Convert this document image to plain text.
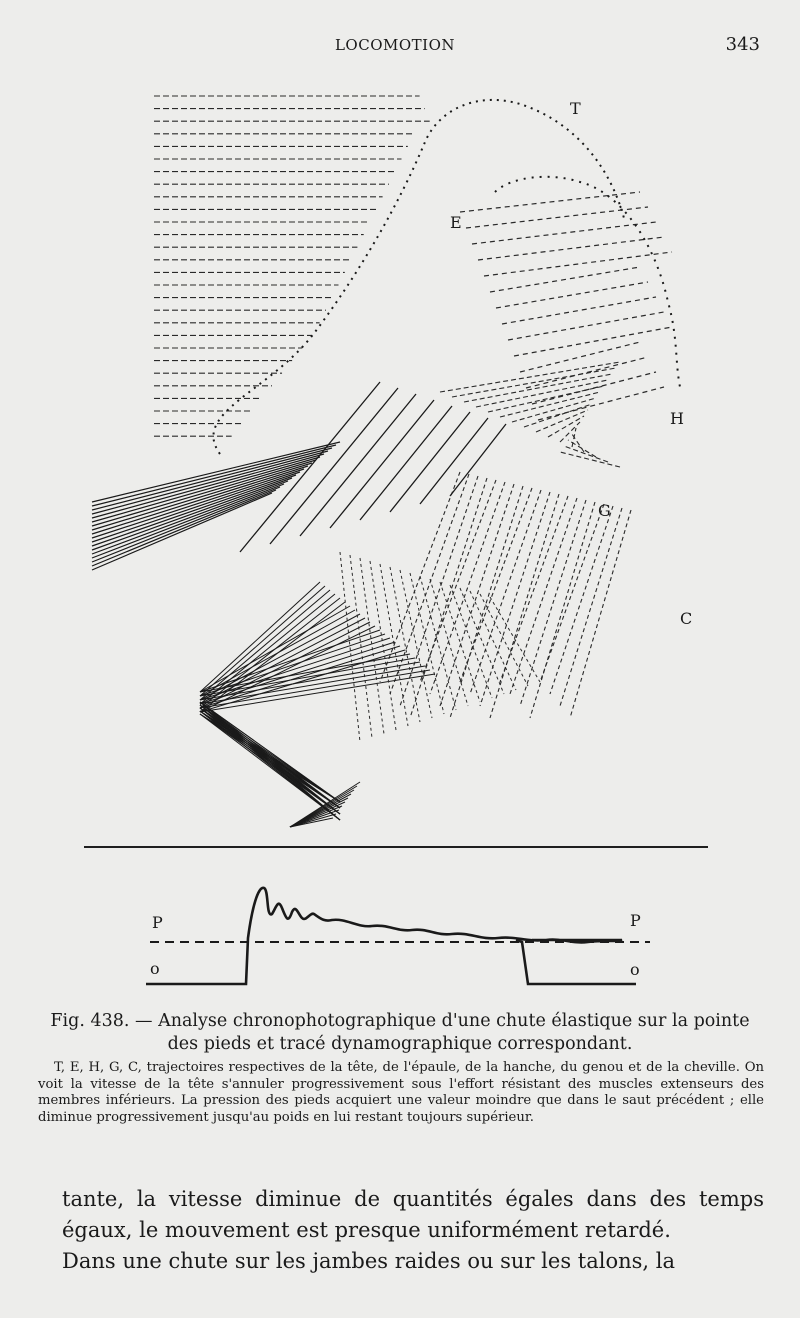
LOCOMOTION	343
T
E
H
G
C
P	P
o	o
Fig. 438. — Analyse chronophotographique d'une chute élastique sur la pointe des pieds et tracé dynamographique correspondant.
T, E, H, G, C, trajectoires respectives de la tête, de l'épaule, de la hanche, du genou et de la cheville. On voit la vitesse de la tête s'annuler progressivement sous l'effort résistant des muscles extenseurs des membres inférieurs. La pression des pieds acquiert une valeur moindre que dans le saut précédent ; elle diminue progressivement jusqu'au poids en lui restant toujours supérieur.

tante, la vitesse diminue de quantités égales dans des temps égaux, le mouvement est presque uniformément retardé.

Dans une chute sur les jambes raides ou sur les talons, la
